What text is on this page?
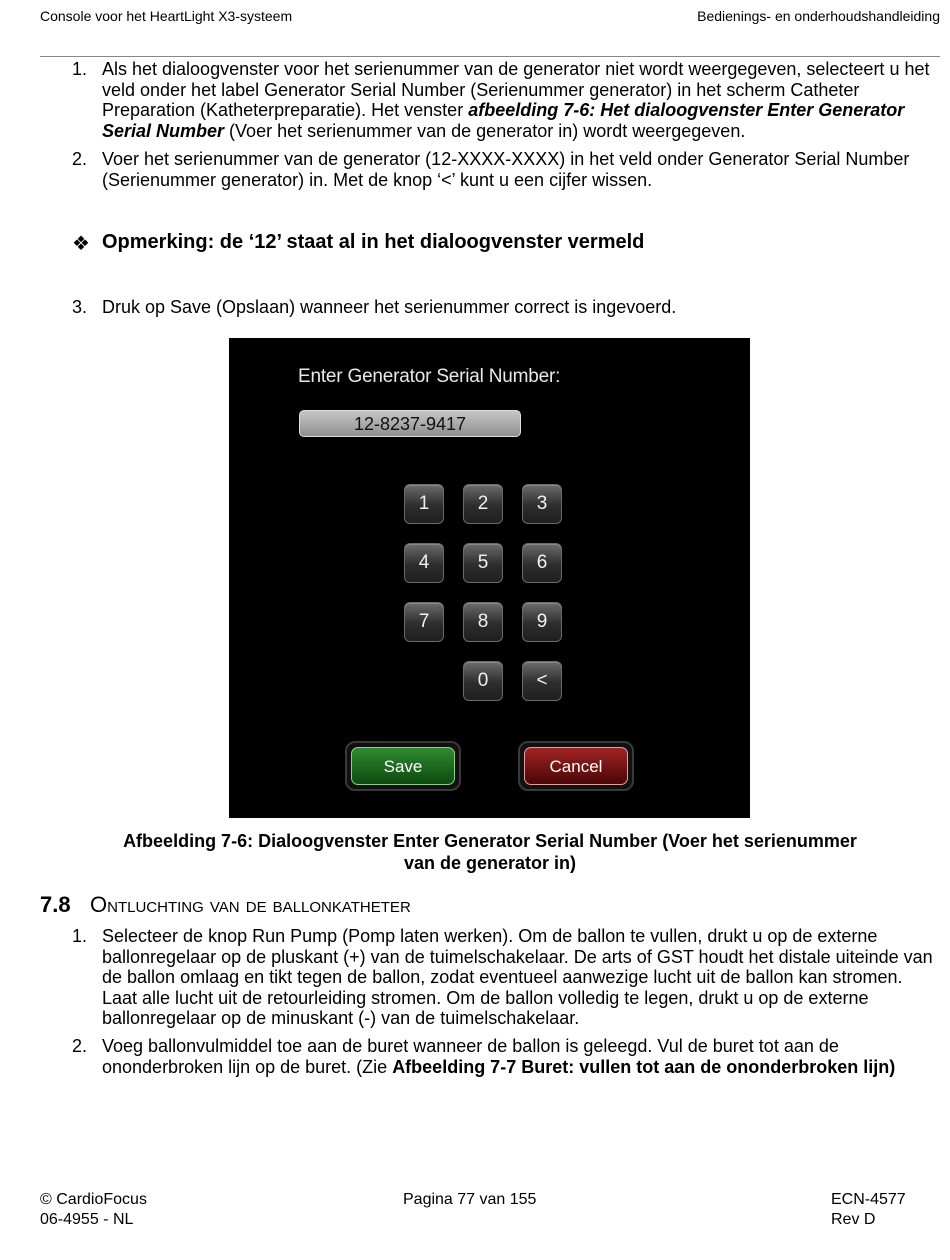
Console voor het HeartLight X3-systeem	Bedienings- en onderhoudshandleiding
1. Als het dialoogvenster voor het serienummer van de generator niet wordt weergegeven, selecteert u het veld onder het label Generator Serial Number (Serienummer generator) in het scherm Catheter Preparation (Katheterpreparatie). Het venster afbeelding 7-6: Het dialoogvenster Enter Generator Serial Number (Voer het serienummer van de generator in) wordt weergegeven.
2. Voer het serienummer van de generator (12-XXXX-XXXX) in het veld onder Generator Serial Number (Serienummer generator) in. Met de knop ‘<’ kunt u een cijfer wissen.
❖ Opmerking: de ‘12’ staat al in het dialoogvenster vermeld
3. Druk op Save (Opslaan) wanneer het serienummer correct is ingevoerd.
Enter Generator Serial Number:
12-8237-9417
1	2	3
4	5	6
7	8	9
0	<
Save	Cancel
Afbeelding 7-6: Dialoogvenster Enter Generator Serial Number (Voer het serienummer
van de generator in)
7.8 Ontluchting van de ballonkatheter
1. Selecteer de knop Run Pump (Pomp laten werken). Om de ballon te vullen, drukt u op de externe ballonregelaar op de pluskant (+) van de tuimelschakelaar. De arts of GST houdt het distale uiteinde van de ballon omlaag en tikt tegen de ballon, zodat eventueel aanwezige lucht uit de ballon kan stromen. Laat alle lucht uit de retourleiding stromen. Om de ballon volledig te legen, drukt u op de externe ballonregelaar op de minuskant (-) van de tuimelschakelaar.
2. Voeg ballonvulmiddel toe aan de buret wanneer de ballon is geleegd. Vul de buret tot aan de ononderbroken lijn op de buret. (Zie Afbeelding 7-7 Buret: vullen tot aan de ononderbroken lijn)
© CardioFocus
06-4955 - NL
Pagina 77 van 155	ECN-4577
Rev D
